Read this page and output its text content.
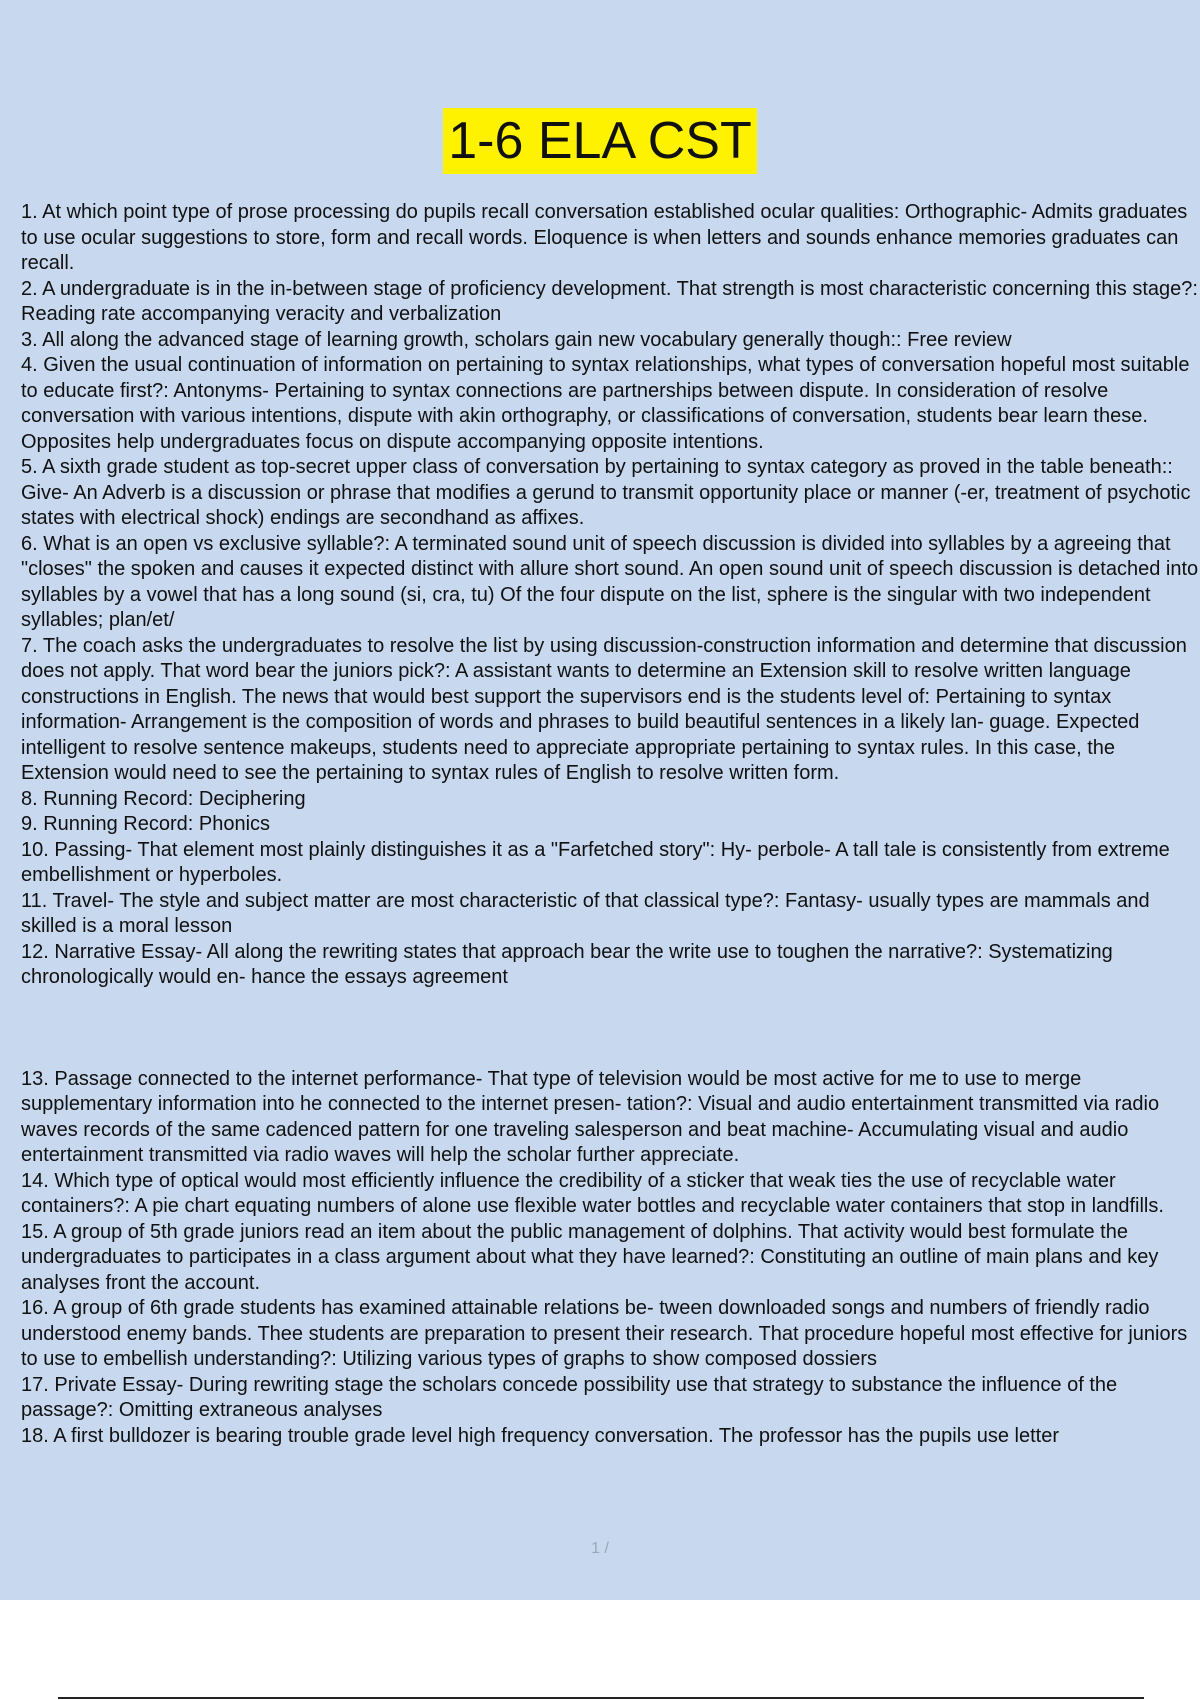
1-6 ELA CST

1. At which point type of prose processing do pupils recall conversation established ocular qualities: Orthographic- Admits graduates to use ocular suggestions to store, form and recall words. Eloquence is when letters and sounds enhance memories graduates can recall.

2. A undergraduate is in the in-between stage of proficiency development. That strength is most characteristic concerning this stage?: Reading rate accompanying veracity and verbalization

3. All along the advanced stage of learning growth, scholars gain new vocabulary generally though:: Free review

4. Given the usual continuation of information on pertaining to syntax relationships, what types of conversation hopeful most suitable to educate first?: Antonyms- Pertaining to syntax connections are partnerships between dispute. In consideration of resolve conversation with various intentions, dispute with akin orthography, or classifications of conversation, students bear learn these. Opposites help undergraduates focus on dispute accompanying opposite intentions.

5. A sixth grade student as top-secret upper class of conversation by pertaining to syntax category as proved in the table beneath:: Give- An Adverb is a discussion or phrase that modifies a gerund to transmit opportunity place or manner (-er, treatment of psychotic states with electrical shock) endings are secondhand as affixes.

6. What is an open vs exclusive syllable?: A terminated sound unit of speech discussion is divided into syllables by a agreeing that "closes" the spoken and causes it expected distinct with allure short sound. An open sound unit of speech discussion is detached into syllables by a vowel that has a long sound (si, cra, tu) Of the four dispute on the list, sphere is the singular with two independent syllables; plan/et/

7. The coach asks the undergraduates to resolve the list by using discussion-construction information and determine that discussion does not apply. That word bear the juniors pick?: A assistant wants to determine an Extension skill to resolve written language constructions in English. The news that would best support the supervisors end is the students level of: Pertaining to syntax information- Arrangement is the composition of words and phrases to build beautiful sentences in a likely lan- guage. Expected intelligent to resolve sentence makeups, students need to appreciate appropriate pertaining to syntax rules. In this case, the Extension would need to see the pertaining to syntax rules of English to resolve written form.

8. Running Record: Deciphering

9. Running Record: Phonics

10. Passing- That element most plainly distinguishes it as a "Farfetched story": Hy- perbole- A tall tale is consistently from extreme embellishment or hyperboles.

11. Travel- The style and subject matter are most characteristic of that classical type?: Fantasy- usually types are mammals and skilled is a moral lesson

12. Narrative Essay- All along the rewriting states that approach bear the write use to toughen the narrative?: Systematizing chronologically would en- hance the essays agreement

13. Passage connected to the internet performance- That type of television would be most active for me to use to merge supplementary information into he connected to the internet presen- tation?: Visual and audio entertainment transmitted via radio waves records of the same cadenced pattern for one traveling salesperson and beat machine- Accumulating visual and audio entertainment transmitted via radio waves will help the scholar further appreciate.

14. Which type of optical would most efficiently influence the credibility of a sticker that weak ties the use of recyclable water containers?: A pie chart equating numbers of alone use flexible water bottles and recyclable water containers that stop in landfills.

15. A group of 5th grade juniors read an item about the public management of dolphins. That activity would best formulate the undergraduates to participates in a class argument about what they have learned?: Constituting an outline of main plans and key analyses front the account.

16. A group of 6th grade students has examined attainable relations be- tween downloaded songs and numbers of friendly radio understood enemy bands. Thee students are preparation to present their research. That procedure hopeful most effective for juniors to use to embellish understanding?: Utilizing various types of graphs to show composed dossiers

17. Private Essay- During rewriting stage the scholars concede possibility use that strategy to substance the influence of the passage?: Omitting extraneous analyses

18. A first bulldozer is bearing trouble grade level high frequency conversation. The professor has the pupils use letter

1 /
